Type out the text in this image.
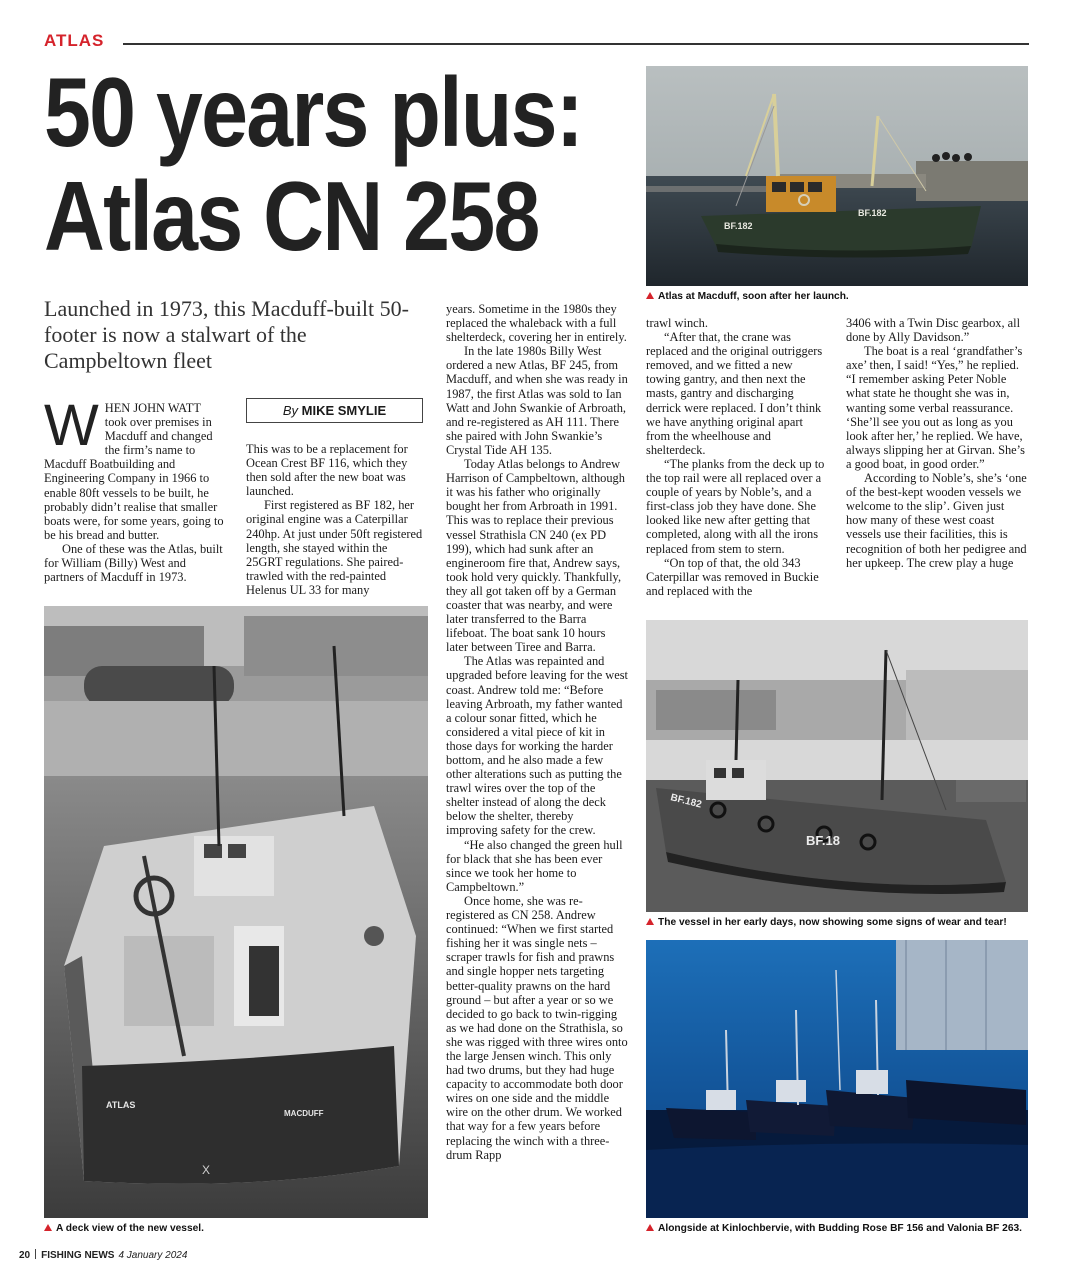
ATLAS
50 years plus:
Atlas CN 258
Launched in 1973, this Macduff-built 50-footer is now a stalwart of the Campbeltown fleet
By MIKE SMYLIE
W HEN JOHN WATT took over premises in Macduff and changed the firm’s name to Macduff Boatbuilding and Engineering Company in 1966 to enable 80ft vessels to be built, he probably didn’t realise that smaller boats were, for some years, going to be his bread and butter.

One of these was the Atlas, built for William (Billy) West and partners of Macduff in 1973.

This was to be a replacement for Ocean Crest BF 116, which they then sold after the new boat was launched.

First registered as BF 182, her original engine was a Caterpillar 240hp. At just under 50ft registered length, she stayed within the 25GRT regulations. She paired-trawled with the red-painted Helenus UL 33 for many

years. Sometime in the 1980s they replaced the whaleback with a full shelterdeck, covering her in entirely.

In the late 1980s Billy West ordered a new Atlas, BF 245, from Macduff, and when she was ready in 1987, the first Atlas was sold to Ian Watt and John Swankie of Arbroath, and re-registered as AH 111. There she paired with John Swankie’s Crystal Tide AH 135.

Today Atlas belongs to Andrew Harrison of Campbeltown, although it was his father who originally bought her from Arbroath in 1991. This was to replace their previous vessel Strathisla CN 240 (ex PD 199), which had sunk after an engineroom fire that, Andrew says, took hold very quickly. Thankfully, they all got taken off by a German coaster that was nearby, and were later transferred to the Barra lifeboat. The boat sank 10 hours later between Tiree and Barra.

The Atlas was repainted and upgraded before leaving for the west coast. Andrew told me: “Before leaving Arbroath, my father wanted a colour sonar fitted, which he considered a vital piece of kit in those days for working the harder bottom, and he also made a few other alterations such as putting the trawl wires over the top of the shelter instead of along the deck below the shelter, thereby improving safety for the crew.

“He also changed the green hull for black that she has been ever since we took her home to Campbeltown.”

Once home, she was re-registered as CN 258. Andrew continued: “When we first started fishing her it was single nets – scraper trawls for fish and prawns and single hopper nets targeting better-quality prawns on the hard ground – but after a year or so we decided to go back to twin-rigging as we had done on the Strathisla, so she was rigged with three wires onto the large Jensen winch. This only had two drums, but they had huge capacity to accommodate both door wires on one side and the middle wire on the other drum. We worked that way for a few years before replacing the winch with a three-drum Rapp

trawl winch.

“After that, the crane was replaced and the original outriggers removed, and we fitted a new towing gantry, and then next the masts, gantry and discharging derrick were replaced. I don’t think we have anything original apart from the wheelhouse and shelterdeck.

“The planks from the deck up to the top rail were all replaced over a couple of years by Noble’s, and a first-class job they have done. She looked like new after getting that completed, along with all the irons replaced from stem to stern.

“On top of that, the old 343 Caterpillar was removed in Buckie and replaced with the

3406 with a Twin Disc gearbox, all done by Ally Davidson.”

The boat is a real ‘grandfather’s axe’ then, I said! “Yes,” he replied. “I remember asking Peter Noble what state he thought she was in, wanting some verbal reassurance. ‘She’ll see you out as long as you look after her,’ he replied. We have, always slipping her at Girvan. She’s a good boat, in good order.”

According to Noble’s, she’s ‘one of the best-kept wooden vessels we welcome to the slip’. Given just how many of these west coast vessels use their facilities, this is recognition of both her pedigree and her upkeep. The crew play a huge

BF.182
BF.182
Atlas at Macduff, soon after her launch.
ATLAS
MACDUFF
X
A deck view of the new vessel.
BF.182
BF.18
The vessel in her early days, now showing some signs of wear and tear!
Alongside at Kinlochbervie, with Budding Rose BF 156 and Valonia BF 263.
20 FISHING NEWS 4 January 2024
